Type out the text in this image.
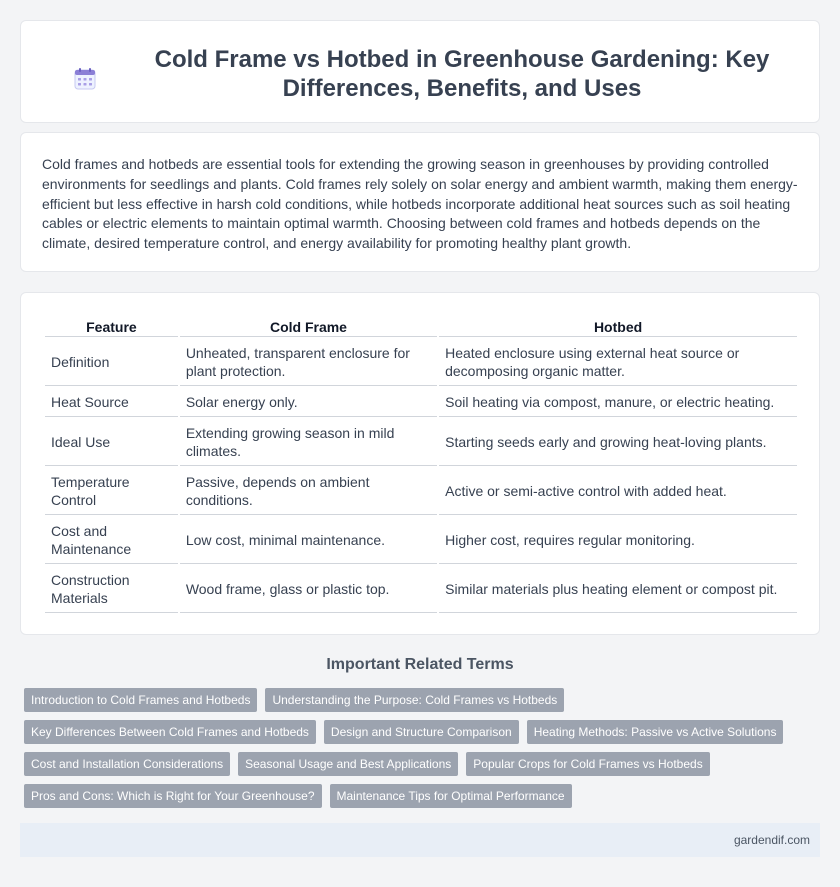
Cold Frame vs Hotbed in Greenhouse Gardening: Key Differences, Benefits, and Uses

Cold frames and hotbeds are essential tools for extending the growing season in greenhouses by providing controlled environments for seedlings and plants. Cold frames rely solely on solar energy and ambient warmth, making them energy-efficient but less effective in harsh cold conditions, while hotbeds incorporate additional heat sources such as soil heating cables or electric elements to maintain optimal warmth. Choosing between cold frames and hotbeds depends on the climate, desired temperature control, and energy availability for promoting healthy plant growth.

Feature	Cold Frame	Hotbed
Definition	Unheated, transparent enclosure for plant protection.	Heated enclosure using external heat source or decomposing organic matter.
Heat Source	Solar energy only.	Soil heating via compost, manure, or electric heating.
Ideal Use	Extending growing season in mild climates.	Starting seeds early and growing heat-loving plants.
Temperature Control	Passive, depends on ambient conditions.	Active or semi-active control with added heat.
Cost and Maintenance	Low cost, minimal maintenance.	Higher cost, requires regular monitoring.
Construction Materials	Wood frame, glass or plastic top.	Similar materials plus heating element or compost pit.
Important Related Terms
Introduction to Cold Frames and Hotbeds	Understanding the Purpose: Cold Frames vs Hotbeds
Key Differences Between Cold Frames and Hotbeds	Design and Structure Comparison	Heating Methods: Passive vs Active Solutions
Cost and Installation Considerations	Seasonal Usage and Best Applications	Popular Crops for Cold Frames vs Hotbeds
Pros and Cons: Which is Right for Your Greenhouse?	Maintenance Tips for Optimal Performance
gardendif.com
